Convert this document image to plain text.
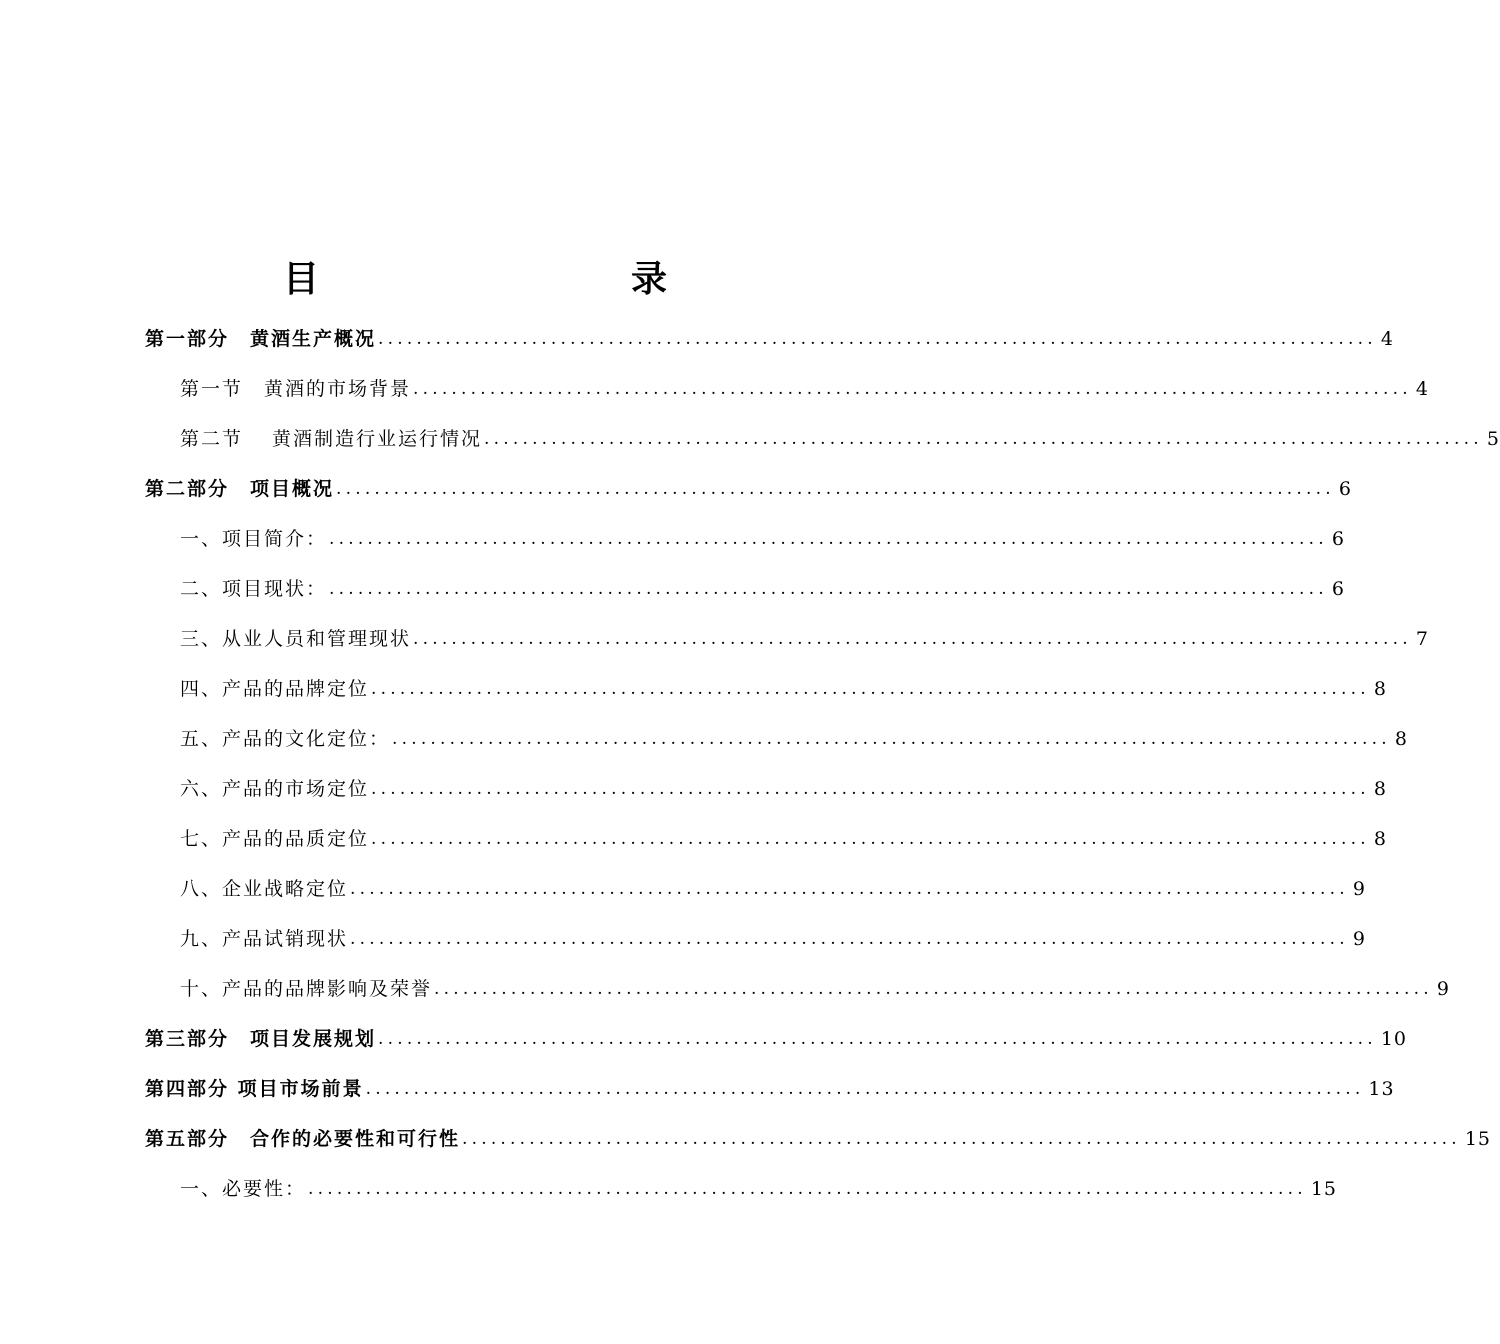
目　　录
第一部分　黄酒生产概况 ........................................................................................................ 4
第一节　黄酒的市场背景 ........................................................................................................ 4
第二节　 黄酒制造行业运行情况 ........................................................................................................ 5
第二部分　项目概况 ........................................................................................................ 6
一、项目简介： ........................................................................................................ 6
二、项目现状： ........................................................................................................ 6
三、从业人员和管理现状 ........................................................................................................ 7
四、产品的品牌定位 ........................................................................................................ 8
五、产品的文化定位： ........................................................................................................ 8
六、产品的市场定位 ........................................................................................................ 8
七、产品的品质定位 ........................................................................................................ 8
八、企业战略定位 ........................................................................................................ 9
九、产品试销现状 ........................................................................................................ 9
十、产品的品牌影响及荣誉 ........................................................................................................ 9
第三部分　项目发展规划 ........................................................................................................ 10
第四部分 项目市场前景 ........................................................................................................ 13
第五部分　合作的必要性和可行性 ........................................................................................................ 15
一、必要性： ........................................................................................................ 15
